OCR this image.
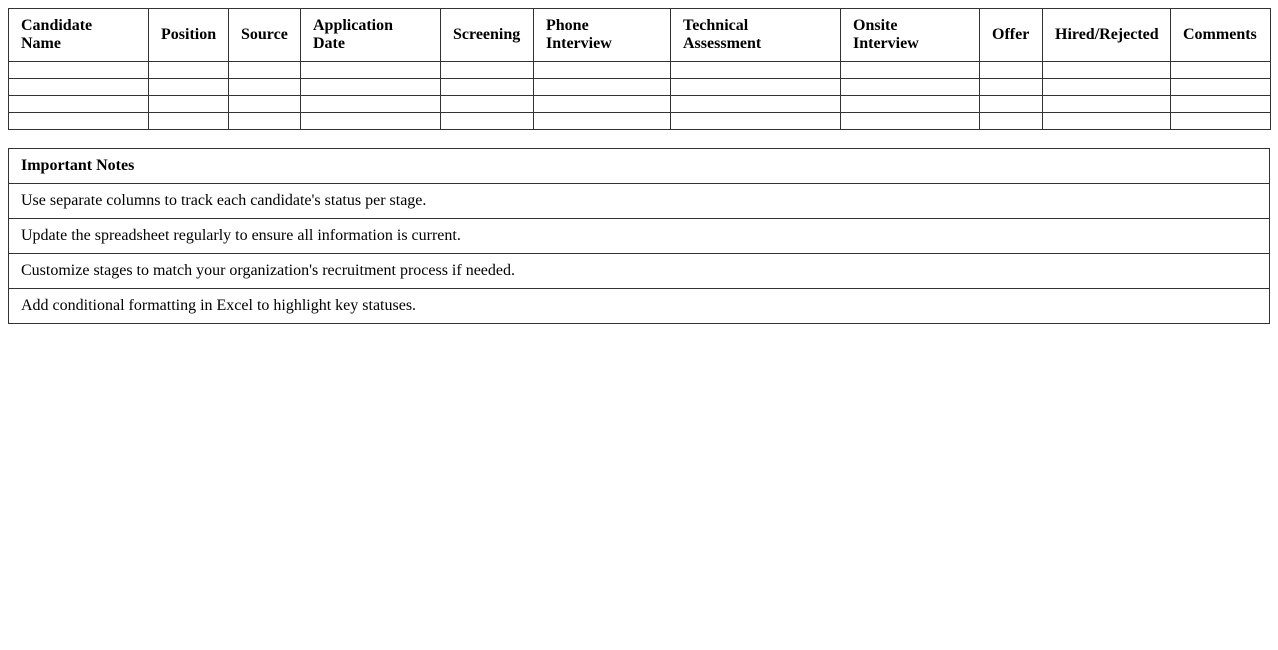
Candidate Name	Position	Source	Application Date	Screening	Phone Interview	Technical Assessment	Onsite Interview	Offer	Hired/Rejected	Comments

Important Notes
Use separate columns to track each candidate's status per stage.
Update the spreadsheet regularly to ensure all information is current.
Customize stages to match your organization's recruitment process if needed.
Add conditional formatting in Excel to highlight key statuses.
